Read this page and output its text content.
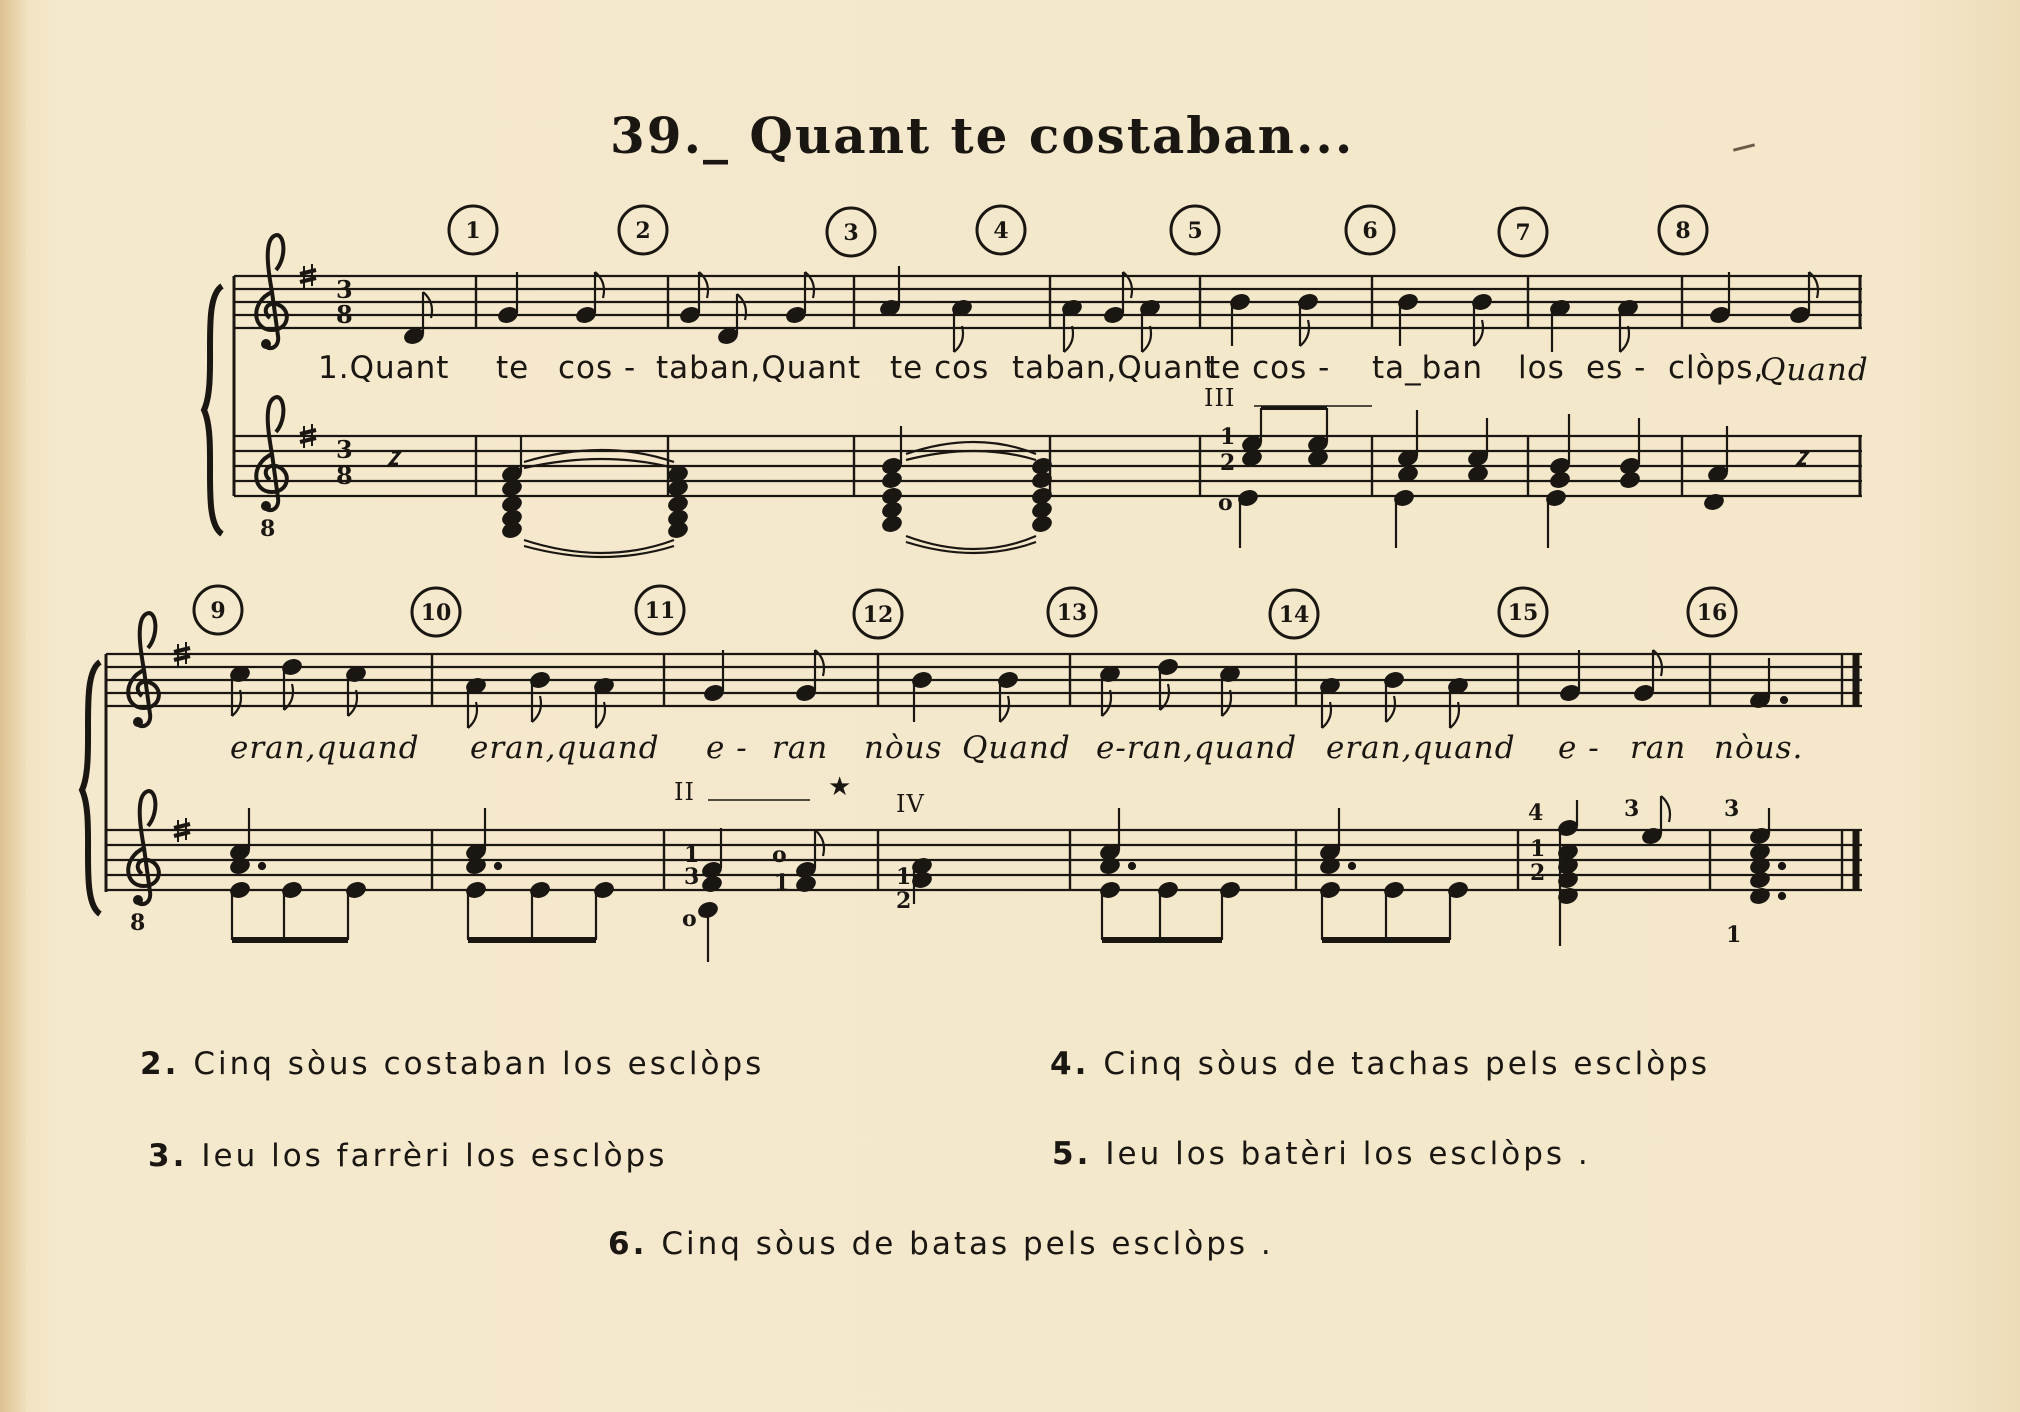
39._ Quant te costaban...
3
8
3
8
8
8
1	2	3	4	5	6	7	8
9	10	11	12	13	14	15	16
1.Quant te cos - taban,Quant te cos taban,Quant
te cos - ta_ban los es - clòps,
Quand
eran,quand eran,quand e - ran nòus Quand e-ran,quand eran,quand e - ran nòus.
III
II	★
IV
1
2
o
1
3
o
o
1	1
2
4	3
1
2
3
1
2. Cinq sòus costaban los esclòps
3. Ieu los farrèri los esclòps
4. Cinq sòus de tachas pels esclòps
5. Ieu los batèri los esclòps .
6. Cinq sòus de batas pels esclòps .
